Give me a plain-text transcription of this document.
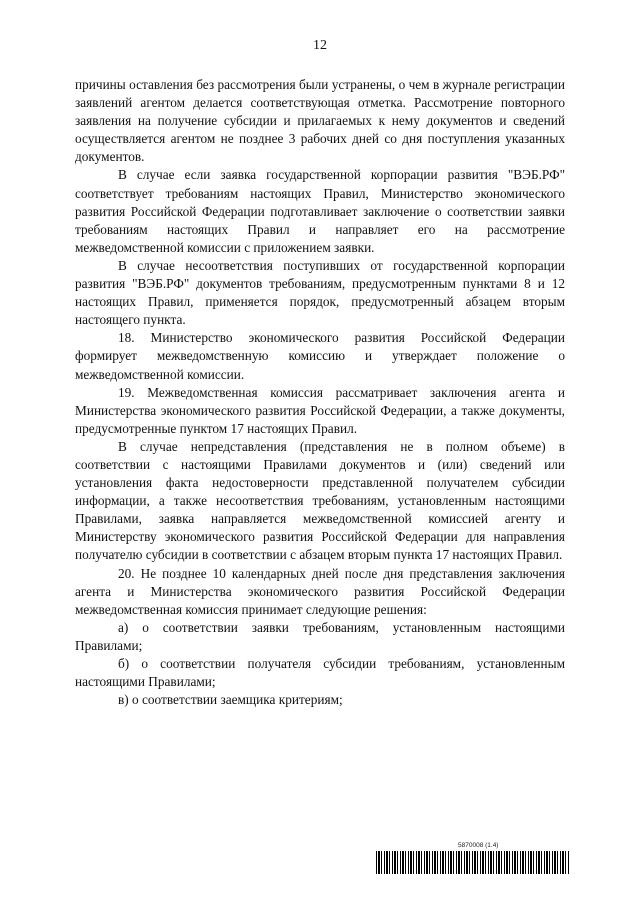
12

причины оставления без рассмотрения были устранены, о чем в журнале регистрации заявлений агентом делается соответствующая отметка. Рассмотрение повторного заявления на получение субсидии и прилагаемых к нему документов и сведений осуществляется агентом не позднее 3 рабочих дней со дня поступления указанных документов.

В случае если заявка государственной корпорации развития "ВЭБ.РФ" соответствует требованиям настоящих Правил, Министерство экономического развития Российской Федерации подготавливает заключение о соответствии заявки требованиям настоящих Правил и направляет его на рассмотрение межведомственной комиссии с приложением заявки.

В случае несоответствия поступивших от государственной корпорации развития "ВЭБ.РФ" документов требованиям, предусмотренным пунктами 8 и 12 настоящих Правил, применяется порядок, предусмотренный абзацем вторым настоящего пункта.

18. Министерство экономического развития Российской Федерации формирует межведомственную комиссию и утверждает положение о межведомственной комиссии.

19. Межведомственная комиссия рассматривает заключения агента и Министерства экономического развития Российской Федерации, а также документы, предусмотренные пунктом 17 настоящих Правил.

В случае непредставления (представления не в полном объеме) в соответствии с настоящими Правилами документов и (или) сведений или установления факта недостоверности представленной получателем субсидии информации, а также несоответствия требованиям, установленным настоящими Правилами, заявка направляется межведомственной комиссией агенту и Министерству экономического развития Российской Федерации для направления получателю субсидии в соответствии с абзацем вторым пункта 17 настоящих Правил.

20. Не позднее 10 календарных дней после дня представления заключения агента и Министерства экономического развития Российской Федерации межведомственная комиссия принимает следующие решения:

а) о соответствии заявки требованиям, установленным настоящими Правилами;

б) о соответствии получателя субсидии требованиям, установленным настоящими Правилами;

в) о соответствии заемщика критериям;

5870008 (1.4)
